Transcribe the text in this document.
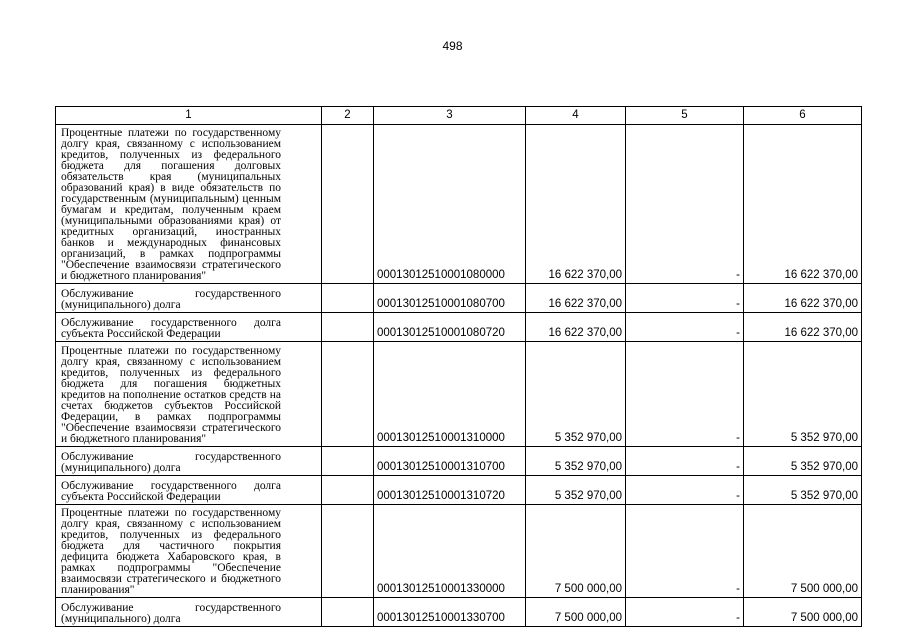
498
1	2	3	4	5	6
Процентные платежи по государственному долгу края, связанному с использованием кредитов, полученных из федерального бюджета для погашения долговых обязательств края (муниципальных образований края) в виде обязательств по государственным (муниципальным) ценным бумагам и кредитам, полученным краем (муниципальными образованиями края) от кредитных организаций, иностранных банков и международных финансовых организаций, в рамках подпрограммы "Обеспечение взаимосвязи стратегического и бюджетного планирования"		00013012510001080000	16 622 370,00	-	16 622 370,00
Обслуживание государственного (муниципального) долга		00013012510001080700	16 622 370,00	-	16 622 370,00
Обслуживание государственного долга субъекта Российской Федерации		00013012510001080720	16 622 370,00	-	16 622 370,00
Процентные платежи по государственному долгу края, связанному с использованием кредитов, полученных из федерального бюджета для погашения бюджетных кредитов на пополнение остатков средств на счетах бюджетов субъектов Российской Федерации, в рамках подпрограммы "Обеспечение взаимосвязи стратегического и бюджетного планирования"		00013012510001310000	5 352 970,00	-	5 352 970,00
Обслуживание государственного (муниципального) долга		00013012510001310700	5 352 970,00	-	5 352 970,00
Обслуживание государственного долга субъекта Российской Федерации		00013012510001310720	5 352 970,00	-	5 352 970,00
Процентные платежи по государственному долгу края, связанному с использованием кредитов, полученных из федерального бюджета для частичного покрытия дефицита бюджета Хабаровского края, в рамках подпрограммы "Обеспечение взаимосвязи стратегического и бюджетного планирования"		00013012510001330000	7 500 000,00	-	7 500 000,00
Обслуживание государственного (муниципального) долга		00013012510001330700	7 500 000,00	-	7 500 000,00
